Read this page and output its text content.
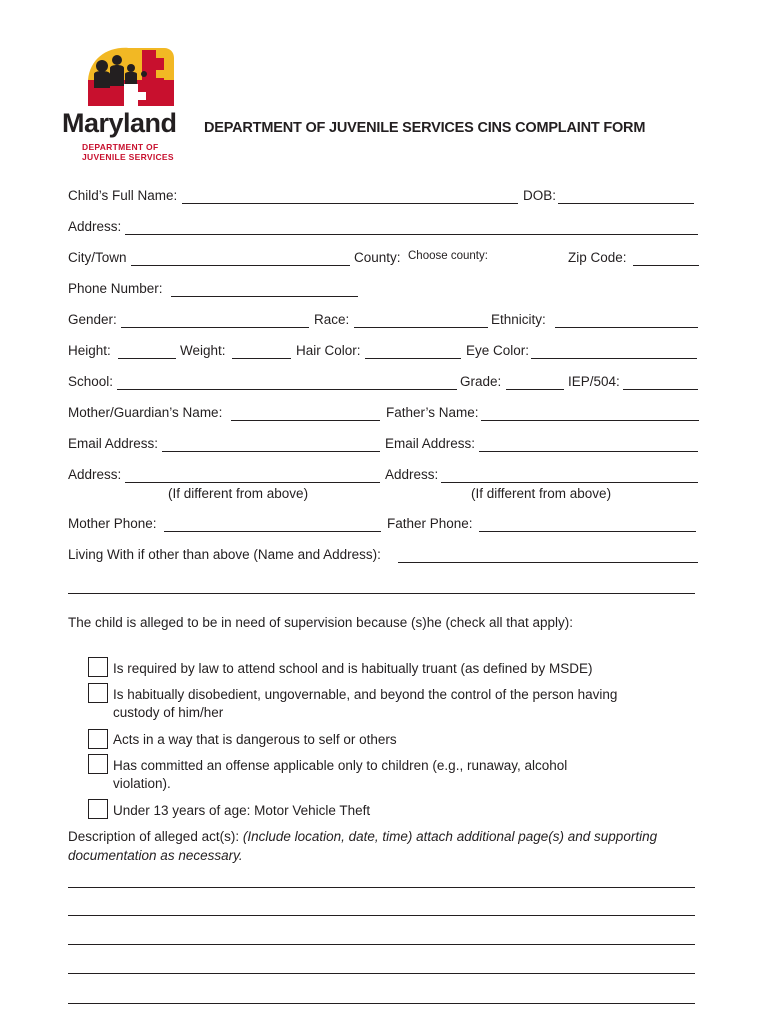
Maryland
DEPARTMENT OF
JUVENILE SERVICES
DEPARTMENT OF JUVENILE SERVICES CINS COMPLAINT FORM
Child’s Full Name:	DOB:
Address:
City/Town	County: Choose county:	Zip Code:
Phone Number:
Gender:	Race:	Ethnicity:
Height:	Weight:	Hair Color:	Eye Color:
School:	Grade:	IEP/504:
Mother/Guardian’s Name:	Father’s Name:
Email Address:	Email Address:
Address:	Address:
(If different from above)	(If different from above)
Mother Phone:	Father Phone:
Living With if other than above (Name and Address):
The child is alleged to be in need of supervision because (s)he (check all that apply):
Is required by law to attend school and is habitually truant (as defined by MSDE)
Is habitually disobedient, ungovernable, and beyond the control of the person having
custody of him/her
Acts in a way that is dangerous to self or others
Has committed an offense applicable only to children (e.g., runaway, alcohol
violation).
Under 13 years of age: Motor Vehicle Theft
Description of alleged act(s): (Include location, date, time) attach additional page(s) and supporting
documentation as necessary.
